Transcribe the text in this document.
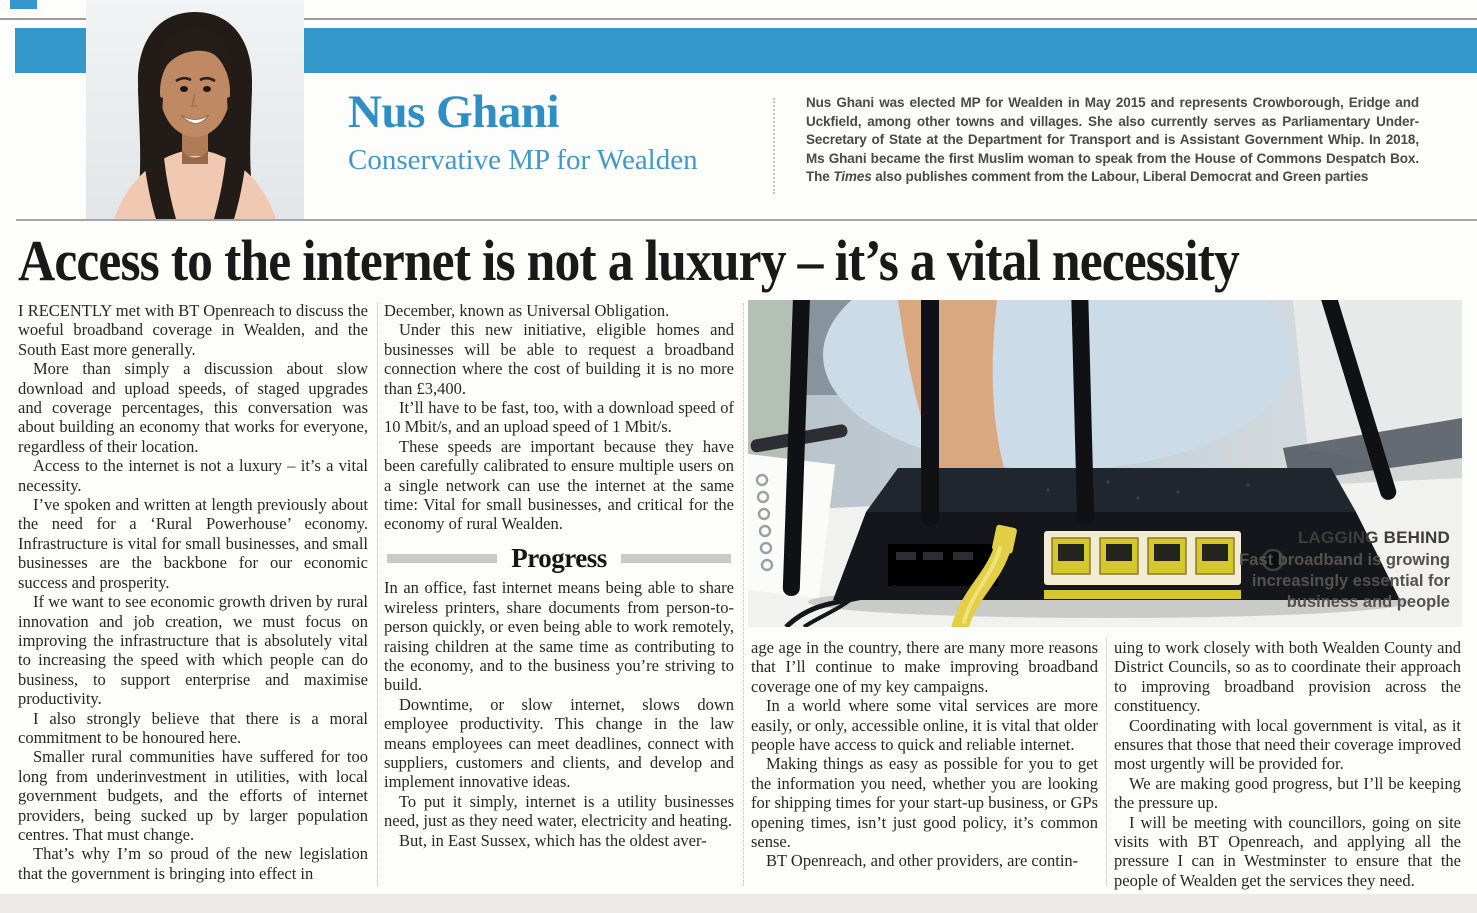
Nus Ghani
Conservative MP for Wealden

Nus Ghani was elected MP for Wealden in May 2015 and represents Crowborough, Eridge and Uckfield, among other towns and villages. She also currently serves as Parliamentary Under-Secretary of State at the Department for Transport and is Assistant Government Whip. In 2018, Ms Ghani became the first Muslim woman to speak from the House of Commons Despatch Box. The Times also publishes comment from the Labour, Liberal Democrat and Green parties

Access to the internet is not a luxury – it’s a vital necessity

I RECENTLY met with BT Openreach to discuss the woeful broadband coverage in Wealden, and the South East more generally.

More than simply a discussion about slow download and upload speeds, of staged upgrades and coverage percentages, this conversation was about building an economy that works for everyone, regardless of their location.

Access to the internet is not a luxury – it’s a vital necessity.

I’ve spoken and written at length previously about the need for a ‘Rural Powerhouse’ economy. Infrastructure is vital for small businesses, and small businesses are the backbone for our economic success and prosperity.

If we want to see economic growth driven by rural innovation and job creation, we must focus on improving the infrastructure that is absolutely vital to increasing the speed with which people can do business, to support enterprise and maximise productivity.

I also strongly believe that there is a moral commitment to be honoured here.

Smaller rural communities have suffered for too long from underinvestment in utilities, with local government budgets, and the efforts of internet providers, being sucked up by larger population centres. That must change.

That’s why I’m so proud of the new legislation that the government is bringing into effect in

December, known as Universal Obligation.

Under this new initiative, eligible homes and businesses will be able to request a broadband connection where the cost of building it is no more than £3,400.

It’ll have to be fast, too, with a download speed of 10 Mbit/s, and an upload speed of 1 Mbit/s.

These speeds are important because they have been carefully calibrated to ensure multiple users on a single network can use the internet at the same time: Vital for small businesses, and critical for the economy of rural Wealden.

Progress

In an office, fast internet means being able to share wireless printers, share documents from person-to-person quickly, or even being able to work remotely, raising children at the same time as contributing to the economy, and to the business you’re striving to build.

Downtime, or slow internet, slows down employee productivity. This change in the law means employees can meet deadlines, connect with suppliers, customers and clients, and develop and implement innovative ideas.

To put it simply, internet is a utility businesses need, just as they need water, electricity and heating.

But, in East Sussex, which has the oldest aver-

LAGGING BEHIND
Fast broadband is growing increasingly essential for business and people

age age in the country, there are many more reasons that I’ll continue to make improving broadband coverage one of my key campaigns.

In a world where some vital services are more easily, or only, accessible online, it is vital that older people have access to quick and reliable internet.

Making things as easy as possible for you to get the information you need, whether you are looking for shipping times for your start-up business, or GPs opening times, isn’t just good policy, it’s common sense.

BT Openreach, and other providers, are contin-

uing to work closely with both Wealden County and District Councils, so as to coordinate their approach to improving broadband provision across the constituency.

Coordinating with local government is vital, as it ensures that those that need their coverage improved most urgently will be provided for.

We are making good progress, but I’ll be keeping the pressure up.

I will be meeting with councillors, going on site visits with BT Openreach, and applying all the pressure I can in Westminster to ensure that the people of Wealden get the services they need.
